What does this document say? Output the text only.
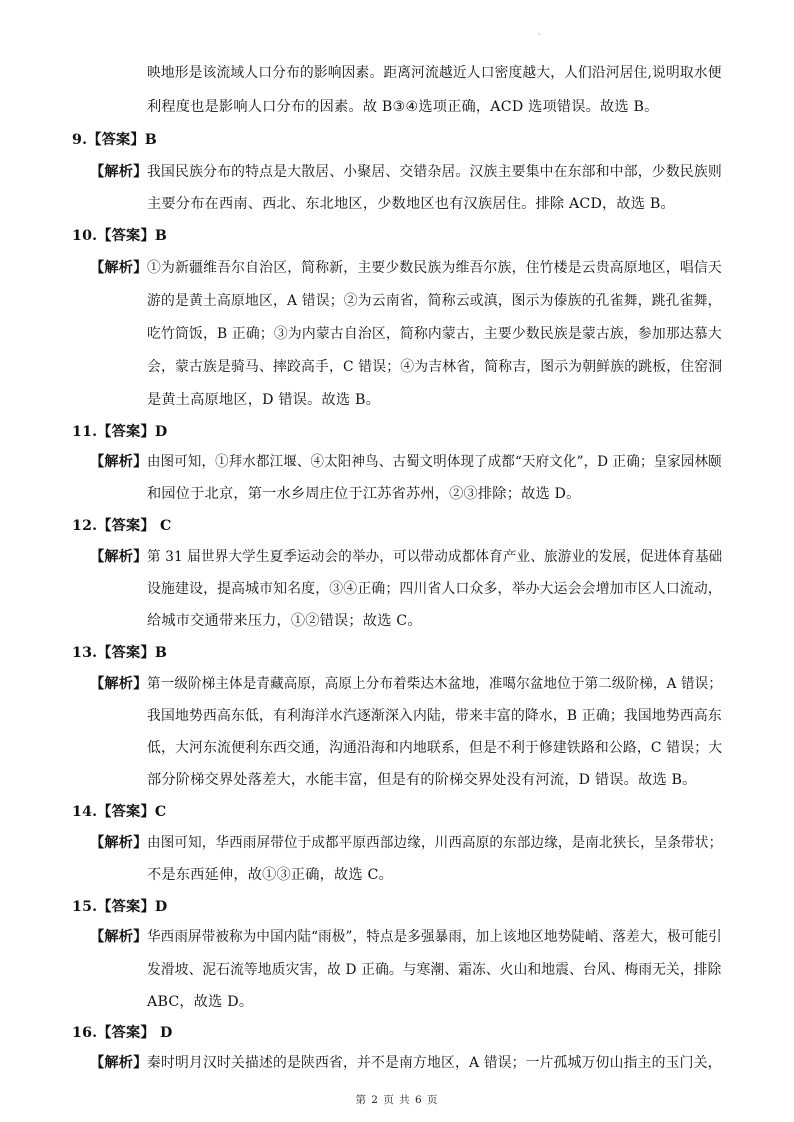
·
映地形是该流域人口分布的影响因素。距离河流越近人口密度越大，人们沿河居住,说明取水便
利程度也是影响人口分布的因素。故 B③④选项正确，ACD 选项错误。故选 B。
9.【答案】B
【解析】 我国民族分布的特点是大散居、小聚居、交错杂居。汉族主要集中在东部和中部，少数民族则
主要分布在西南、西北、东北地区，少数地区也有汉族居住。排除 ACD，故选 B。
10.【答案】B
【解析】 ①为新疆维吾尔自治区，简称新，主要少数民族为维吾尔族，住竹楼是云贵高原地区，唱信天
游的是黄土高原地区，A 错误；②为云南省，简称云或滇，图示为傣族的孔雀舞，跳孔雀舞，
吃竹筒饭，B 正确；③为内蒙古自治区，简称内蒙古，主要少数民族是蒙古族，参加那达慕大
会，蒙古族是骑马、摔跤高手，C 错误；④为吉林省，简称吉，图示为朝鲜族的跳板，住窑洞
是黄土高原地区，D 错误。故选 B。
11.【答案】D
【解析】 由图可知，①拜水都江堰、④太阳神鸟、古蜀文明体现了成都“天府文化”，D 正确；皇家园林颐
和园位于北京，第一水乡周庄位于江苏省苏州，②③排除；故选 D。
12.【答案】 C
【解析】 第 31 届世界大学生夏季运动会的举办，可以带动成都体育产业、旅游业的发展，促进体育基础
设施建设，提高城市知名度，③④正确；四川省人口众多，举办大运会会增加市区人口流动，
给城市交通带来压力，①②错误；故选 C。
13.【答案】B
【解析】 第一级阶梯主体是青藏高原，高原上分布着柴达木盆地，准噶尔盆地位于第二级阶梯，A 错误；
我国地势西高东低，有利海洋水汽逐渐深入内陆，带来丰富的降水，B 正确；我国地势西高东
低，大河东流便利东西交通，沟通沿海和内地联系，但是不利于修建铁路和公路，C 错误；大
部分阶梯交界处落差大，水能丰富，但是有的阶梯交界处没有河流，D 错误。故选 B。
14.【答案】C
【解析】 由图可知，华西雨屏带位于成都平原西部边缘，川西高原的东部边缘，是南北狭长，呈条带状；
不是东西延伸，故①③正确，故选 C。
15.【答案】D
【解析】 华西雨屏带被称为中国内陆“雨极”，特点是多强暴雨，加上该地区地势陡峭、落差大，极可能引
发滑坡、泥石流等地质灾害，故 D 正确。与寒潮、霜冻、火山和地震、台风、梅雨无关，排除
ABC，故选 D。
16.【答案】 D
【解析】 秦时明月汉时关描述的是陕西省，并不是南方地区，A 错误；一片孤城万仞山指主的玉门关，
第 2 页 共 6 页
